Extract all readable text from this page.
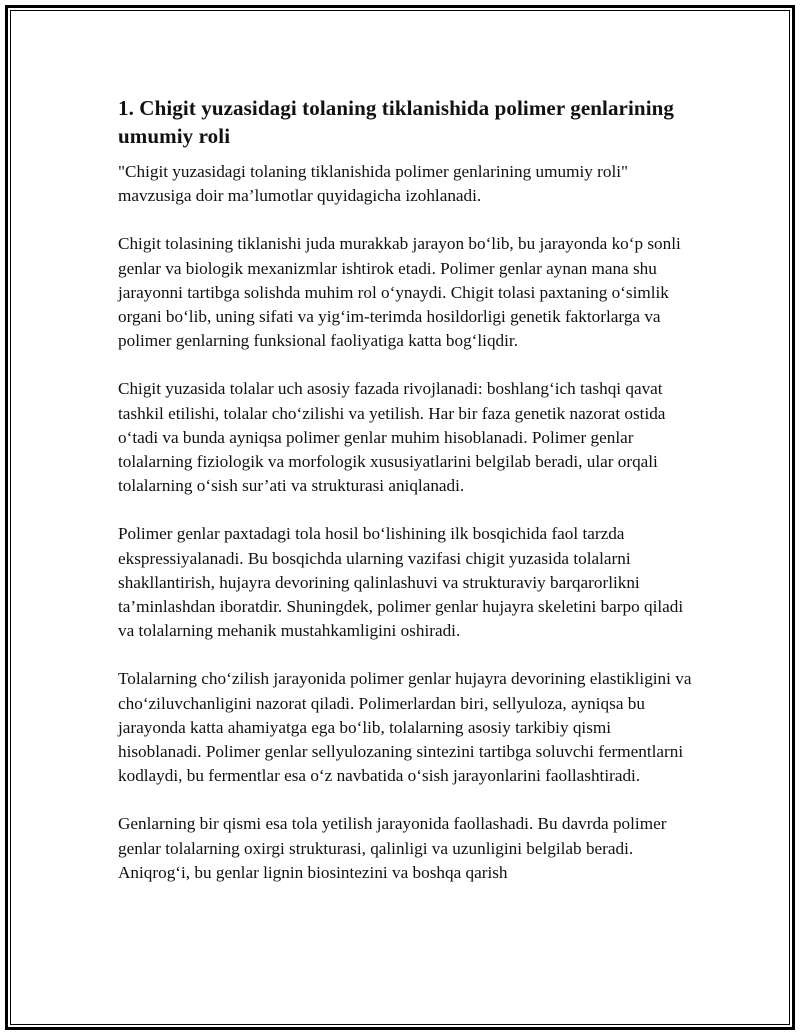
1. Chigit yuzasidagi tolaning tiklanishida polimer genlarining umumiy roli

"Chigit yuzasidagi tolaning tiklanishida polimer genlarining umumiy roli" mavzusiga doir ma’lumotlar quyidagicha izohlanadi.

Chigit tolasining tiklanishi juda murakkab jarayon bo‘lib, bu jarayonda ko‘p sonli genlar va biologik mexanizmlar ishtirok etadi. Polimer genlar aynan mana shu jarayonni tartibga solishda muhim rol o‘ynaydi. Chigit tolasi paxtaning o‘simlik organi bo‘lib, uning sifati va yig‘im-terimda hosildorligi genetik faktorlarga va polimer genlarning funksional faoliyatiga katta bog‘liqdir.

Chigit yuzasida tolalar uch asosiy fazada rivojlanadi: boshlang‘ich tashqi qavat tashkil etilishi, tolalar cho‘zilishi va yetilish. Har bir faza genetik nazorat ostida o‘tadi va bunda ayniqsa polimer genlar muhim hisoblanadi. Polimer genlar tolalarning fiziologik va morfologik xususiyatlarini belgilab beradi, ular orqali tolalarning o‘sish sur’ati va strukturasi aniqlanadi.

Polimer genlar paxtadagi tola hosil bo‘lishining ilk bosqichida faol tarzda ekspressiyalanadi. Bu bosqichda ularning vazifasi chigit yuzasida tolalarni shakllantirish, hujayra devorining qalinlashuvi va strukturaviy barqarorlikni ta’minlashdan iboratdir. Shuningdek, polimer genlar hujayra skeletini barpo qiladi va tolalarning mehanik mustahkamligini oshiradi.

Tolalarning cho‘zilish jarayonida polimer genlar hujayra devorining elastikligini va cho‘ziluvchanligini nazorat qiladi. Polimerlardan biri, sellyuloza, ayniqsa bu jarayonda katta ahamiyatga ega bo‘lib, tolalarning asosiy tarkibiy qismi hisoblanadi. Polimer genlar sellyulozaning sintezini tartibga soluvchi fermentlarni kodlaydi, bu fermentlar esa o‘z navbatida o‘sish jarayonlarini faollashtiradi.

Genlarning bir qismi esa tola yetilish jarayonida faollashadi. Bu davrda polimer genlar tolalarning oxirgi strukturasi, qalinligi va uzunligini belgilab beradi. Aniqrog‘i, bu genlar lignin biosintezini va boshqa qarish
